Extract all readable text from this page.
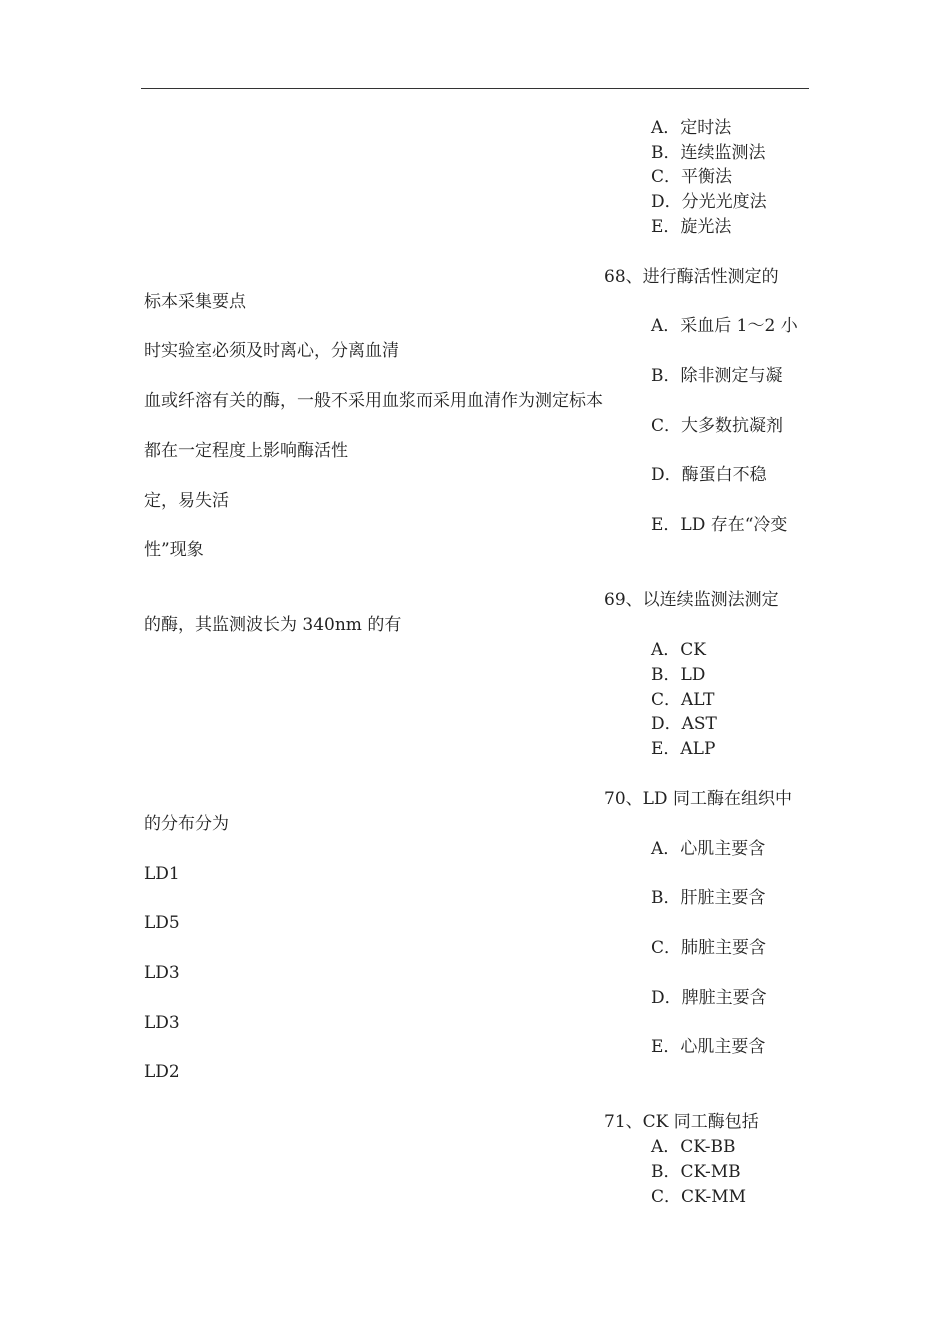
A．定时法
B．连续监测法
C．平衡法
D．分光光度法
E．旋光法
68、进行酶活性测定的
标本采集要点
A．采血后 1～2 小
时实验室必须及时离心，分离血清
B．除非测定与凝
血或纤溶有关的酶，一般不采用血浆而采用血清作为测定标本
C．大多数抗凝剂
都在一定程度上影响酶活性
D．酶蛋白不稳
定，易失活
E．LD 存在“冷变
性”现象
69、以连续监测法测定
的酶，其监测波长为 340nm 的有
A．CK
B．LD
C．ALT
D．AST
E．ALP
70、LD 同工酶在组织中
的分布分为
A．心肌主要含
LD1
B．肝脏主要含
LD5
C．肺脏主要含
LD3
D．脾脏主要含
LD3
E．心肌主要含
LD2
71、CK 同工酶包括
A．CK-BB
B．CK-MB
C．CK-MM
